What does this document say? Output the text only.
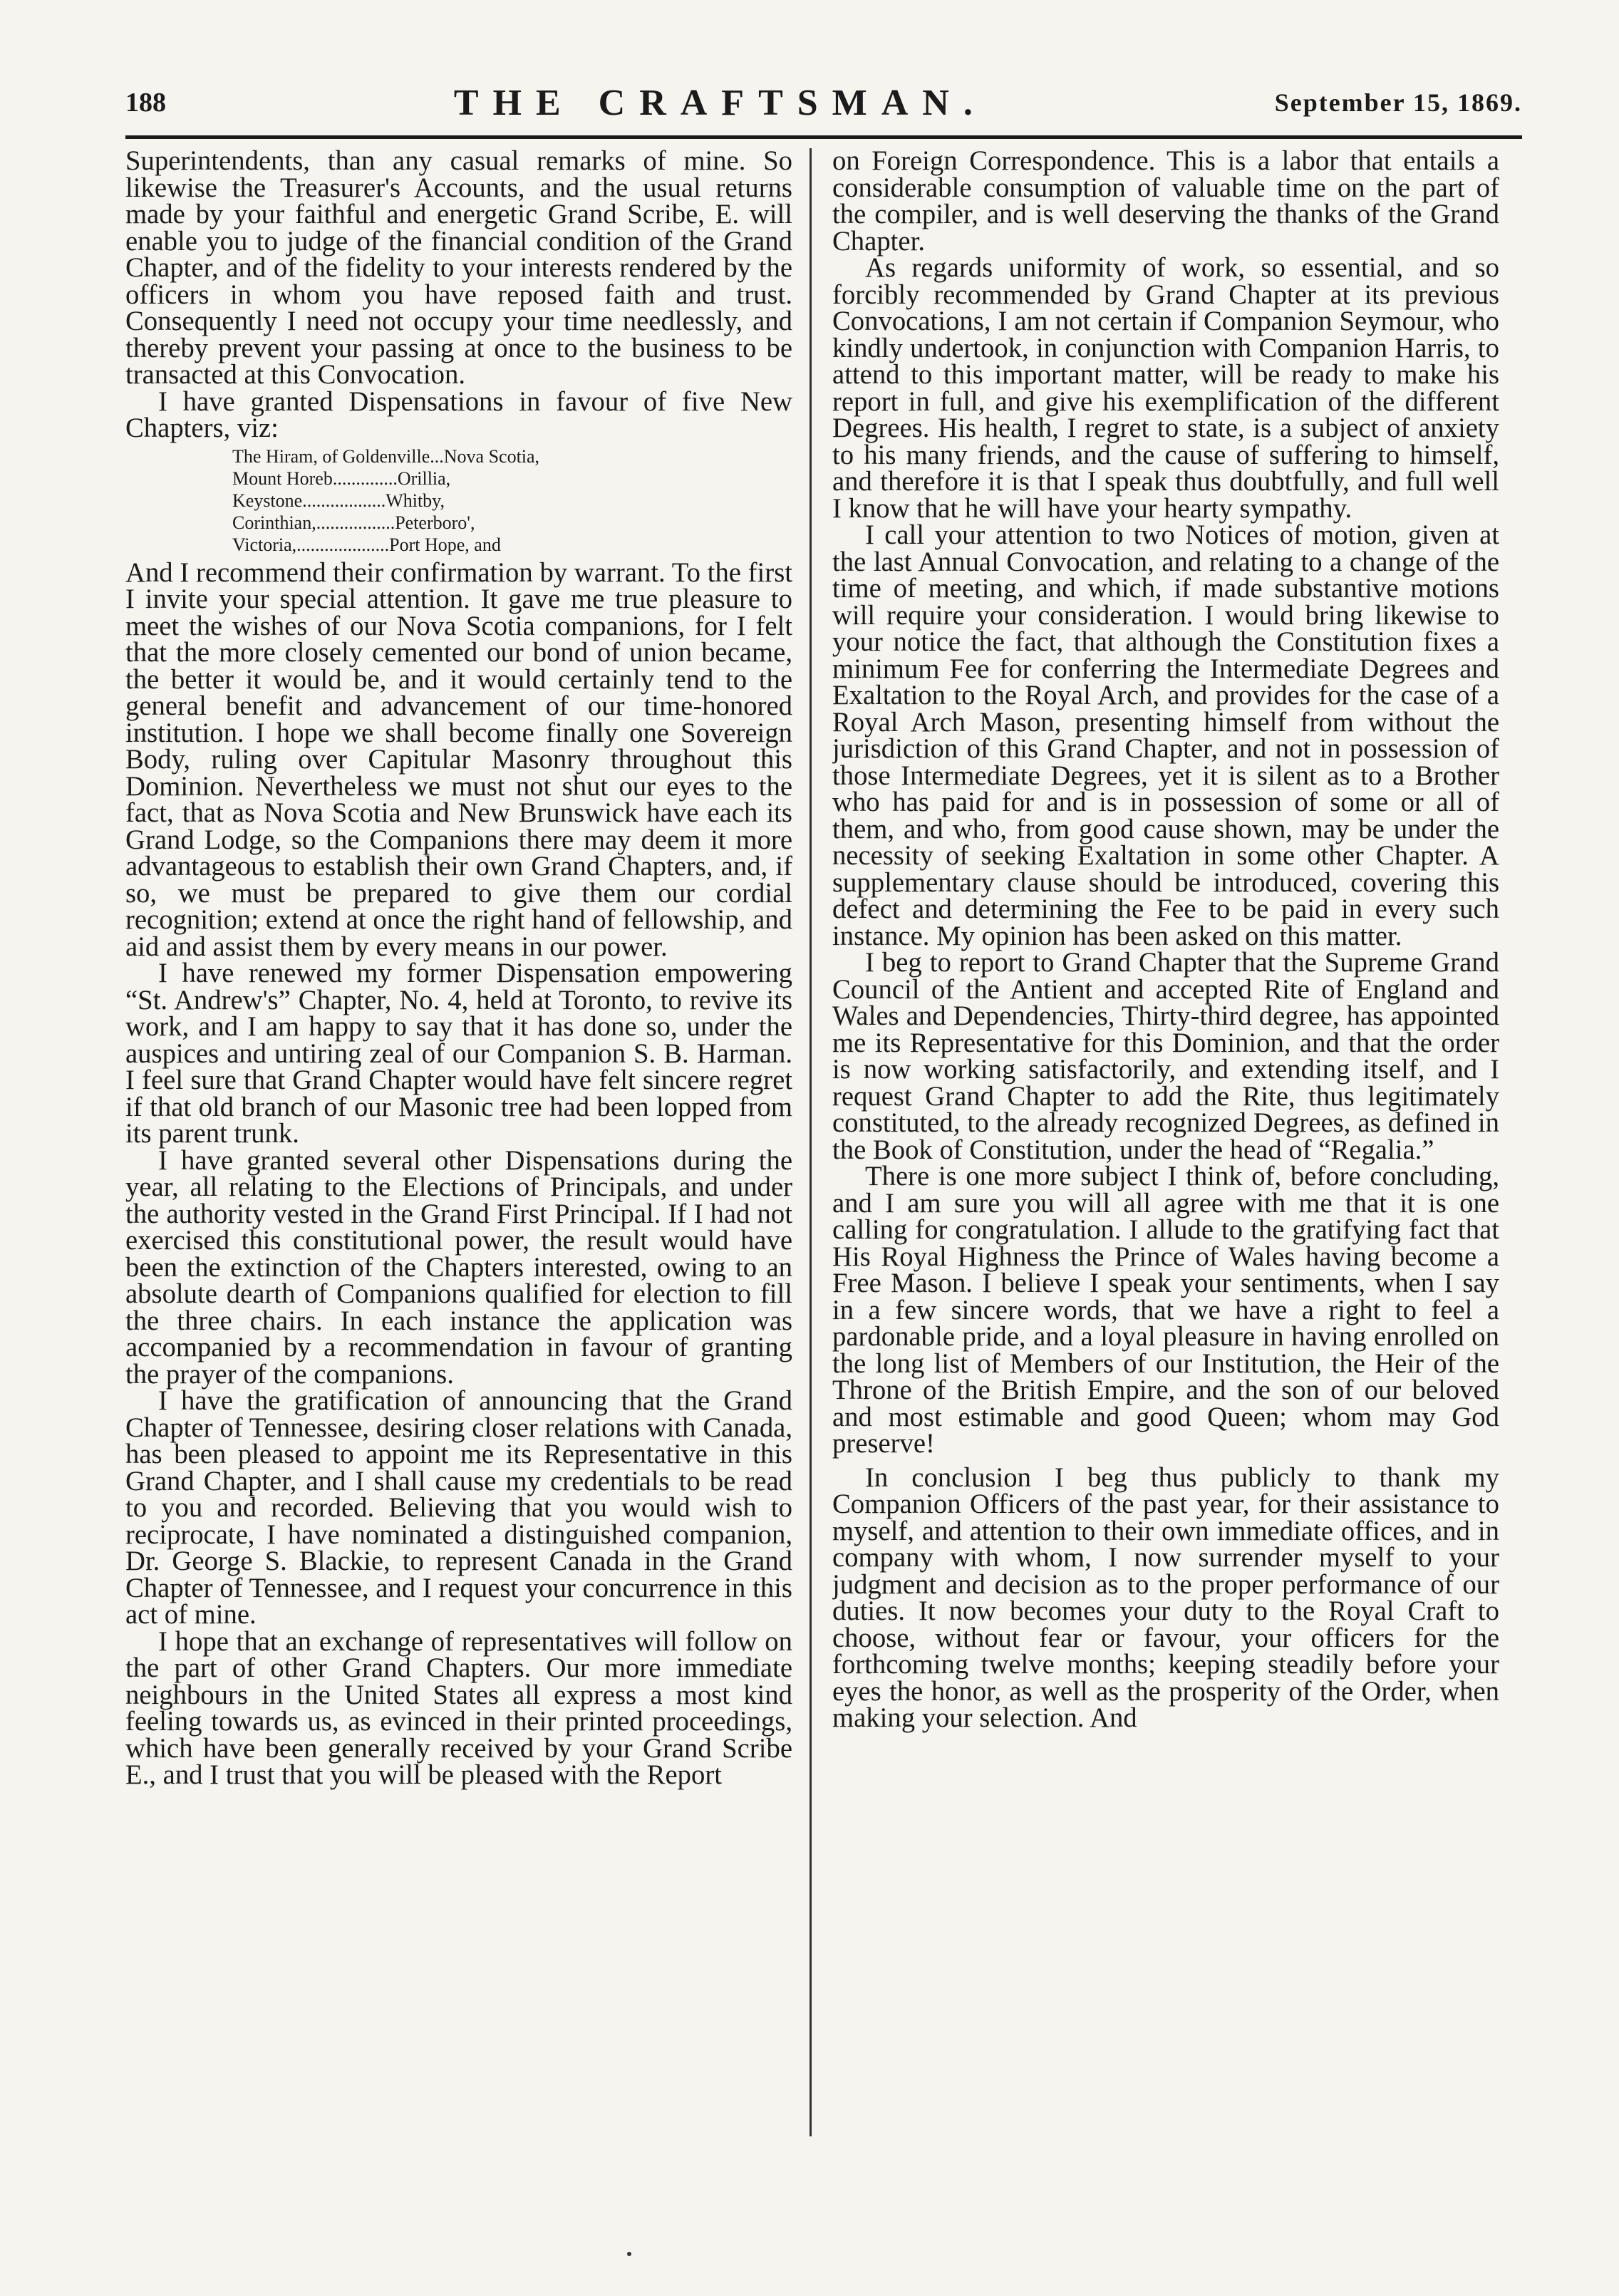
188	THE CRAFTSMAN.	September 15, 1869.

Superintendents, than any casual remarks of mine. So likewise the Treasurer's Accounts, and the usual returns made by your faithful and energetic Grand Scribe, E. will enable you to judge of the financial condition of the Grand Chapter, and of the fidelity to your interests rendered by the officers in whom you have reposed faith and trust. Consequently I need not occupy your time needlessly, and thereby prevent your passing at once to the business to be transacted at this Convocation.

I have granted Dispensations in favour of five New Chapters, viz:

The Hiram, of Goldenville...Nova Scotia,
Mount Horeb..............Orillia,
Keystone..................Whitby,
Corinthian,.................Peterboro',
Victoria,....................Port Hope, and

And I recommend their confirmation by warrant. To the first I invite your special attention. It gave me true pleasure to meet the wishes of our Nova Scotia companions, for I felt that the more closely cemented our bond of union became, the better it would be, and it would certainly tend to the general benefit and advancement of our time-honored institution. I hope we shall become finally one Sovereign Body, ruling over Capitular Masonry throughout this Dominion. Nevertheless we must not shut our eyes to the fact, that as Nova Scotia and New Brunswick have each its Grand Lodge, so the Companions there may deem it more advantageous to establish their own Grand Chapters, and, if so, we must be prepared to give them our cordial recognition; extend at once the right hand of fellowship, and aid and assist them by every means in our power.

I have renewed my former Dispensation empowering “St. Andrew's” Chapter, No. 4, held at Toronto, to revive its work, and I am happy to say that it has done so, under the auspices and untiring zeal of our Companion S. B. Harman. I feel sure that Grand Chapter would have felt sincere regret if that old branch of our Masonic tree had been lopped from its parent trunk.

I have granted several other Dispensations during the year, all relating to the Elections of Principals, and under the authority vested in the Grand First Principal. If I had not exercised this constitutional power, the result would have been the extinction of the Chapters interested, owing to an absolute dearth of Companions qualified for election to fill the three chairs. In each instance the application was accompanied by a recommendation in favour of granting the prayer of the companions.

I have the gratification of announcing that the Grand Chapter of Tennessee, desiring closer relations with Canada, has been pleased to appoint me its Representative in this Grand Chapter, and I shall cause my credentials to be read to you and recorded. Believing that you would wish to reciprocate, I have nominated a distinguished companion, Dr. George S. Blackie, to represent Canada in the Grand Chapter of Tennessee, and I request your concurrence in this act of mine.

I hope that an exchange of representatives will follow on the part of other Grand Chapters. Our more immediate neighbours in the United States all express a most kind feeling towards us, as evinced in their printed proceedings, which have been generally received by your Grand Scribe E., and I trust that you will be pleased with the Report

on Foreign Correspondence. This is a labor that entails a considerable consumption of valuable time on the part of the compiler, and is well deserving the thanks of the Grand Chapter.

As regards uniformity of work, so essential, and so forcibly recommended by Grand Chapter at its previous Convocations, I am not certain if Companion Seymour, who kindly undertook, in conjunction with Companion Harris, to attend to this important matter, will be ready to make his report in full, and give his exemplification of the different Degrees. His health, I regret to state, is a subject of anxiety to his many friends, and the cause of suffering to himself, and therefore it is that I speak thus doubtfully, and full well I know that he will have your hearty sympathy.

I call your attention to two Notices of motion, given at the last Annual Convocation, and relating to a change of the time of meeting, and which, if made substantive motions will require your consideration. I would bring likewise to your notice the fact, that although the Constitution fixes a minimum Fee for conferring the Intermediate Degrees and Exaltation to the Royal Arch, and provides for the case of a Royal Arch Mason, presenting himself from without the jurisdiction of this Grand Chapter, and not in possession of those Intermediate Degrees, yet it is silent as to a Brother who has paid for and is in possession of some or all of them, and who, from good cause shown, may be under the necessity of seeking Exaltation in some other Chapter. A supplementary clause should be introduced, covering this defect and determining the Fee to be paid in every such instance. My opinion has been asked on this matter.

I beg to report to Grand Chapter that the Supreme Grand Council of the Antient and accepted Rite of England and Wales and Dependencies, Thirty-third degree, has appointed me its Representative for this Dominion, and that the order is now working satisfactorily, and extending itself, and I request Grand Chapter to add the Rite, thus legitimately constituted, to the already recognized Degrees, as defined in the Book of Constitution, under the head of “Regalia.”

There is one more subject I think of, before concluding, and I am sure you will all agree with me that it is one calling for congratulation. I allude to the gratifying fact that His Royal Highness the Prince of Wales having become a Free Mason. I believe I speak your sentiments, when I say in a few sincere words, that we have a right to feel a pardonable pride, and a loyal pleasure in having enrolled on the long list of Members of our Institution, the Heir of the Throne of the British Empire, and the son of our beloved and most estimable and good Queen; whom may God preserve!

In conclusion I beg thus publicly to thank my Companion Officers of the past year, for their assistance to myself, and attention to their own immediate offices, and in company with whom, I now surrender myself to your judgment and decision as to the proper performance of our duties. It now becomes your duty to the Royal Craft to choose, without fear or favour, your officers for the forthcoming twelve months; keeping steadily before your eyes the honor, as well as the prosperity of the Order, when making your selection. And
